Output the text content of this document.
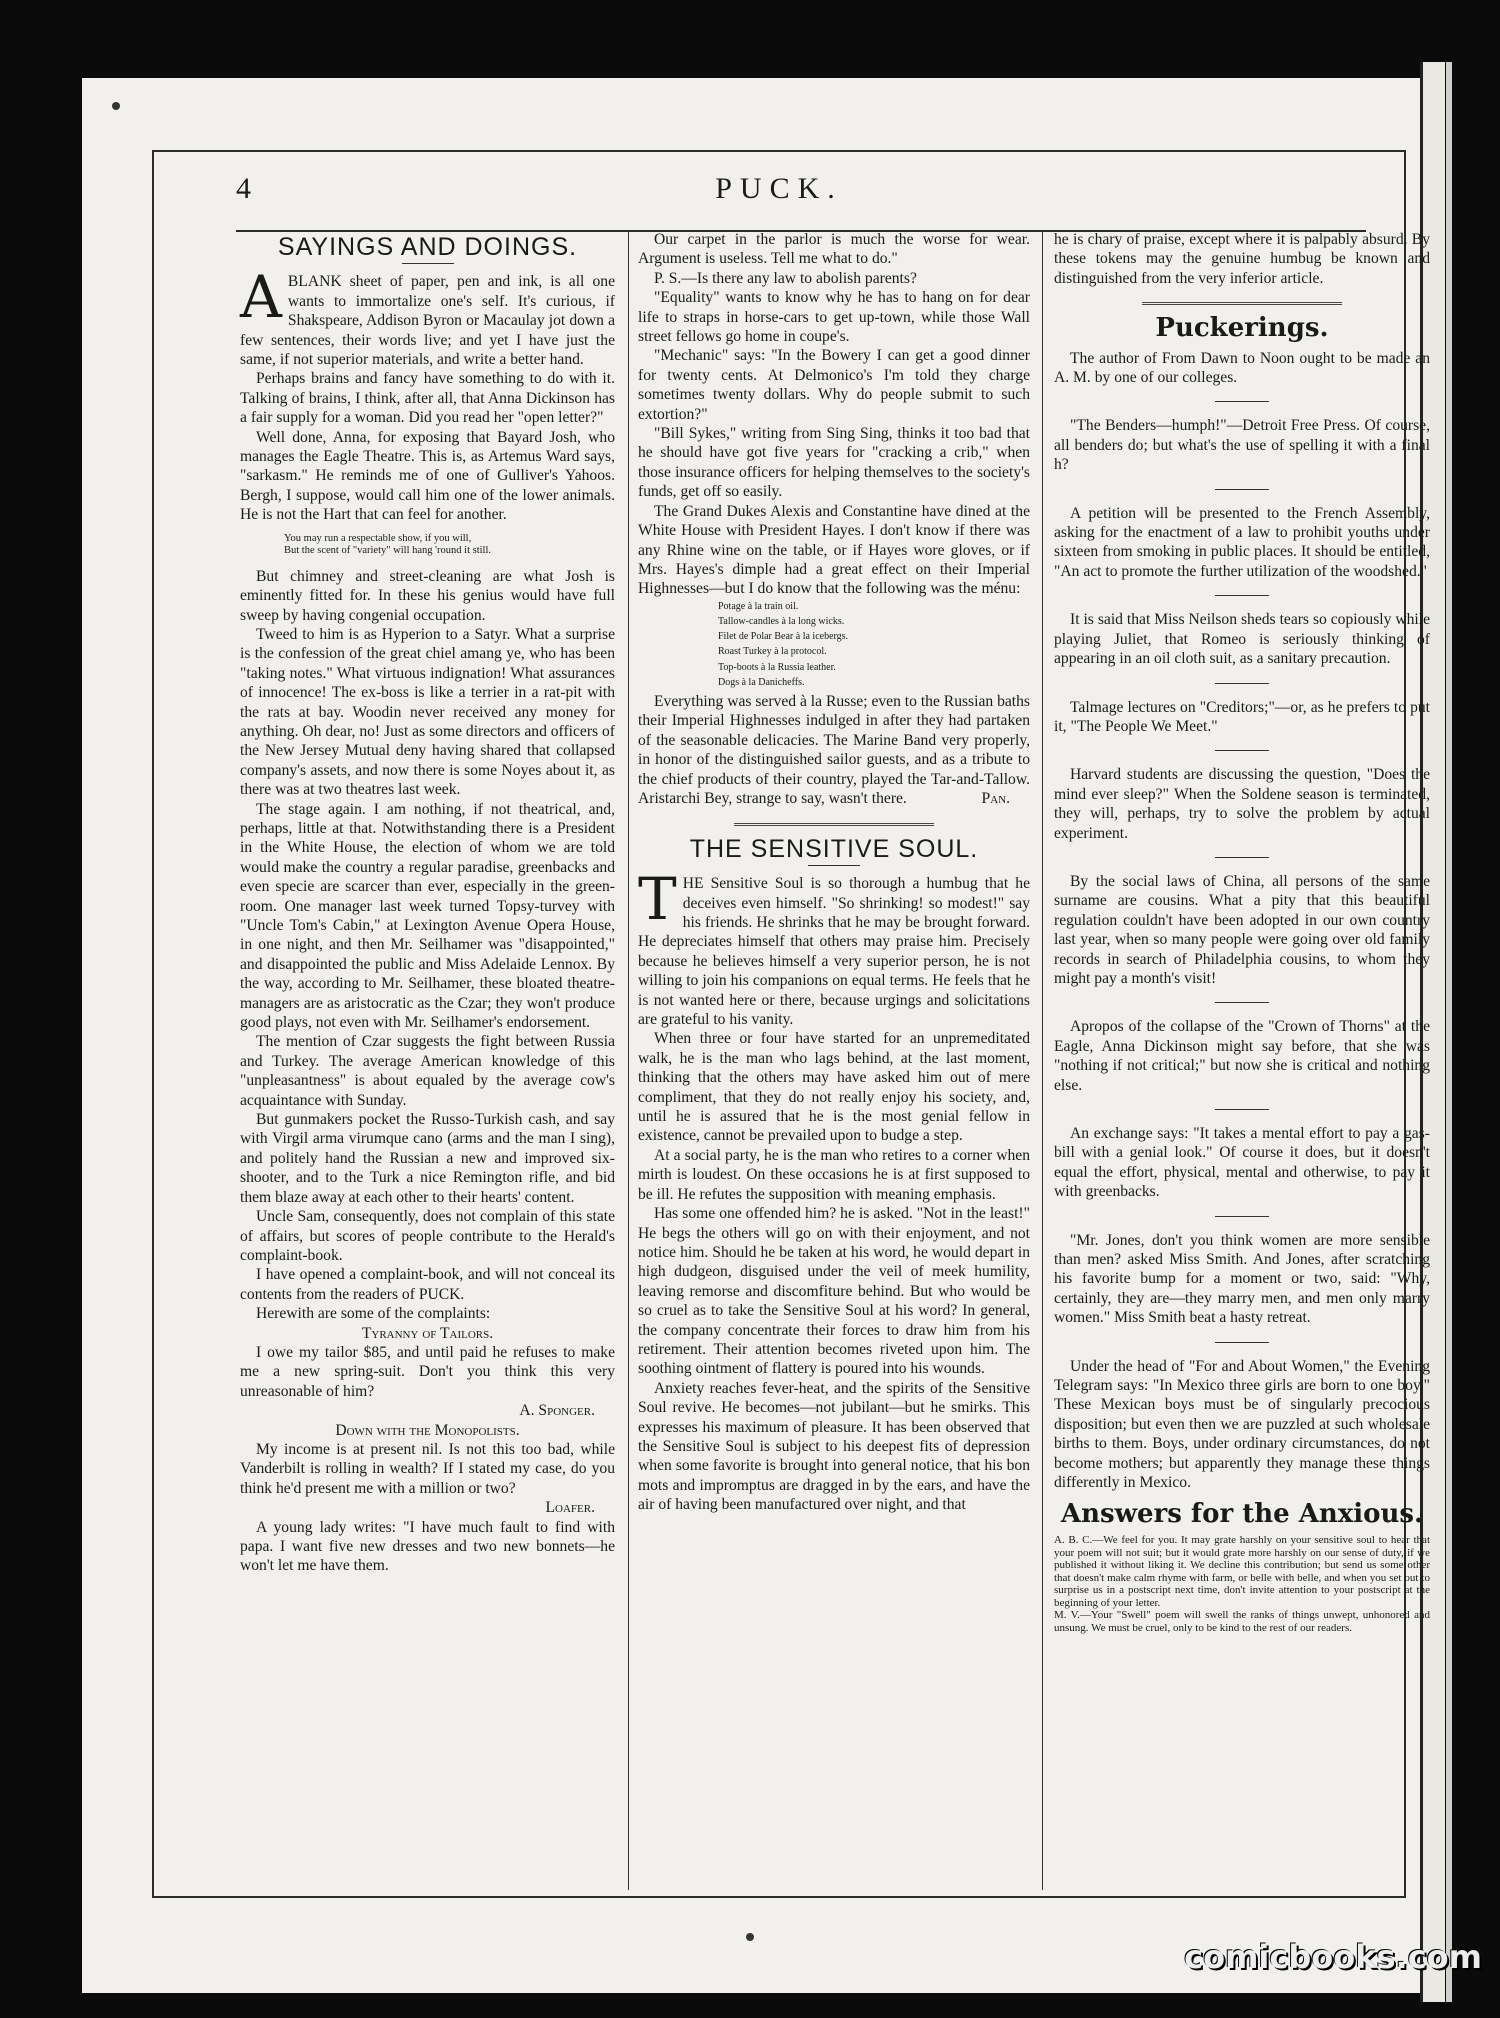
4	PUCK.
SAYINGS AND DOINGS.

ABLANK sheet of paper, pen and ink, is all one wants to immortalize one's self. It's curious, if Shakspeare, Addison Byron or Macaulay jot down a few sentences, their words live; and yet I have just the same, if not superior materials, and write a better hand.

Perhaps brains and fancy have something to do with it. Talking of brains, I think, after all, that Anna Dickinson has a fair supply for a woman. Did you read her "open letter?"

Well done, Anna, for exposing that Bayard Josh, who manages the Eagle Theatre. This is, as Artemus Ward says, "sarkasm." He reminds me of one of Gulliver's Yahoos. Bergh, I suppose, would call him one of the lower animals. He is not the Hart that can feel for another.

You may run a respectable show, if you will,

But the scent of "variety" will hang 'round it still.

But chimney and street-cleaning are what Josh is eminently fitted for. In these his genius would have full sweep by having congenial occupation.

Tweed to him is as Hyperion to a Satyr. What a surprise is the confession of the great chiel amang ye, who has been "taking notes." What virtuous indignation! What assurances of innocence! The ex-boss is like a terrier in a rat-pit with the rats at bay. Woodin never received any money for anything. Oh dear, no! Just as some directors and officers of the New Jersey Mutual deny having shared that collapsed company's assets, and now there is some Noyes about it, as there was at two theatres last week.

The stage again. I am nothing, if not theatrical, and, perhaps, little at that. Notwithstanding there is a President in the White House, the election of whom we are told would make the country a regular paradise, greenbacks and even specie are scarcer than ever, especially in the green-room. One manager last week turned Topsy-turvey with "Uncle Tom's Cabin," at Lexington Avenue Opera House, in one night, and then Mr. Seilhamer was "disappointed," and disappointed the public and Miss Adelaide Lennox. By the way, according to Mr. Seilhamer, these bloated theatre-managers are as aristocratic as the Czar; they won't produce good plays, not even with Mr. Seilhamer's endorsement.

The mention of Czar suggests the fight between Russia and Turkey. The average American knowledge of this "unpleasantness" is about equaled by the average cow's acquaintance with Sunday.

But gunmakers pocket the Russo-Turkish cash, and say with Virgil arma virumque cano (arms and the man I sing), and politely hand the Russian a new and improved six-shooter, and to the Turk a nice Remington rifle, and bid them blaze away at each other to their hearts' content.

Uncle Sam, consequently, does not complain of this state of affairs, but scores of people contribute to the Herald's complaint-book.

I have opened a complaint-book, and will not conceal its contents from the readers of PUCK.

Herewith are some of the complaints:

Tyranny of Tailors.

I owe my tailor $85, and until paid he refuses to make me a new spring-suit. Don't you think this very unreasonable of him?

A. Sponger.

Down with the Monopolists.

My income is at present nil. Is not this too bad, while Vanderbilt is rolling in wealth? If I stated my case, do you think he'd present me with a million or two?

Loafer.

A young lady writes: "I have much fault to find with papa. I want five new dresses and two new bonnets—he won't let me have them.

Our carpet in the parlor is much the worse for wear. Argument is useless. Tell me what to do."

P. S.—Is there any law to abolish parents?

"Equality" wants to know why he has to hang on for dear life to straps in horse-cars to get up-town, while those Wall street fellows go home in coupe's.

"Mechanic" says: "In the Bowery I can get a good dinner for twenty cents. At Delmonico's I'm told they charge sometimes twenty dollars. Why do people submit to such extortion?"

"Bill Sykes," writing from Sing Sing, thinks it too bad that he should have got five years for "cracking a crib," when those insurance officers for helping themselves to the society's funds, get off so easily.

The Grand Dukes Alexis and Constantine have dined at the White House with President Hayes. I don't know if there was any Rhine wine on the table, or if Hayes wore gloves, or if Mrs. Hayes's dimple had a great effect on their Imperial Highnesses—but I do know that the following was the ménu:

Potage à la train oil.

Tallow-candles à la long wicks.

Filet de Polar Bear à la icebergs.

Roast Turkey à la protocol.

Top-boots à la Russia leather.

Dogs à la Danicheffs.

Everything was served à la Russe; even to the Russian baths their Imperial Highnesses indulged in after they had partaken of the seasonable delicacies. The Marine Band very properly, in honor of the distinguished sailor guests, and as a tribute to the chief products of their country, played the Tar-and-Tallow. Aristarchi Bey, strange to say, wasn't there.	Pan.

THE SENSITIVE SOUL.

THE Sensitive Soul is so thorough a humbug that he deceives even himself. "So shrinking! so modest!" say his friends. He shrinks that he may be brought forward. He depreciates himself that others may praise him. Precisely because he believes himself a very superior person, he is not willing to join his companions on equal terms. He feels that he is not wanted here or there, because urgings and solicitations are grateful to his vanity.

When three or four have started for an unpremeditated walk, he is the man who lags behind, at the last moment, thinking that the others may have asked him out of mere compliment, that they do not really enjoy his society, and, until he is assured that he is the most genial fellow in existence, cannot be prevailed upon to budge a step.

At a social party, he is the man who retires to a corner when mirth is loudest. On these occasions he is at first supposed to be ill. He refutes the supposition with meaning emphasis.

Has some one offended him? he is asked. "Not in the least!" He begs the others will go on with their enjoyment, and not notice him. Should he be taken at his word, he would depart in high dudgeon, disguised under the veil of meek humility, leaving remorse and discomfiture behind. But who would be so cruel as to take the Sensitive Soul at his word? In general, the company concentrate their forces to draw him from his retirement. Their attention becomes riveted upon him. The soothing ointment of flattery is poured into his wounds.

Anxiety reaches fever-heat, and the spirits of the Sensitive Soul revive. He becomes—not jubilant—but he smirks. This expresses his maximum of pleasure. It has been observed that the Sensitive Soul is subject to his deepest fits of depression when some favorite is brought into general notice, that his bon mots and impromptus are dragged in by the ears, and have the air of having been manufactured over night, and that

he is chary of praise, except where it is palpably absurd. By these tokens may the genuine humbug be known and distinguished from the very inferior article.

Puckerings.

The author of From Dawn to Noon ought to be made an A. M. by one of our colleges.

"The Benders—humph!"—Detroit Free Press. Of course, all benders do; but what's the use of spelling it with a final h?

A petition will be presented to the French Assembly, asking for the enactment of a law to prohibit youths under sixteen from smoking in public places. It should be entitled, "An act to promote the further utilization of the woodshed."

It is said that Miss Neilson sheds tears so copiously while playing Juliet, that Romeo is seriously thinking of appearing in an oil cloth suit, as a sanitary precaution.

Talmage lectures on "Creditors;"—or, as he prefers to put it, "The People We Meet."

Harvard students are discussing the question, "Does the mind ever sleep?" When the Soldene season is terminated, they will, perhaps, try to solve the problem by actual experiment.

By the social laws of China, all persons of the same surname are cousins. What a pity that this beautiful regulation couldn't have been adopted in our own country last year, when so many people were going over old family records in search of Philadelphia cousins, to whom they might pay a month's visit!

Apropos of the collapse of the "Crown of Thorns" at the Eagle, Anna Dickinson might say before, that she was "nothing if not critical;" but now she is critical and nothing else.

An exchange says: "It takes a mental effort to pay a gas-bill with a genial look." Of course it does, but it doesn't equal the effort, physical, mental and otherwise, to pay it with greenbacks.

"Mr. Jones, don't you think women are more sensible than men? asked Miss Smith. And Jones, after scratching his favorite bump for a moment or two, said: "Why, certainly, they are—they marry men, and men only marry women." Miss Smith beat a hasty retreat.

Under the head of "For and About Women," the Evening Telegram says: "In Mexico three girls are born to one boy." These Mexican boys must be of singularly precocious disposition; but even then we are puzzled at such wholesale births to them. Boys, under ordinary circumstances, do not become mothers; but apparently they manage these things differently in Mexico.

Answers for the Anxious.

A. B. C.—We feel for you. It may grate harshly on your sensitive soul to hear that your poem will not suit; but it would grate more harshly on our sense of duty, if we published it without liking it. We decline this contribution; but send us some other that doesn't make calm rhyme with farm, or belle with belle, and when you set out to surprise us in a postscript next time, don't invite attention to your postscript at the beginning of your letter.

M. V.—Your "Swell" poem will swell the ranks of things unwept, unhonored and unsung. We must be cruel, only to be kind to the rest of our readers.

comicbooks.com
